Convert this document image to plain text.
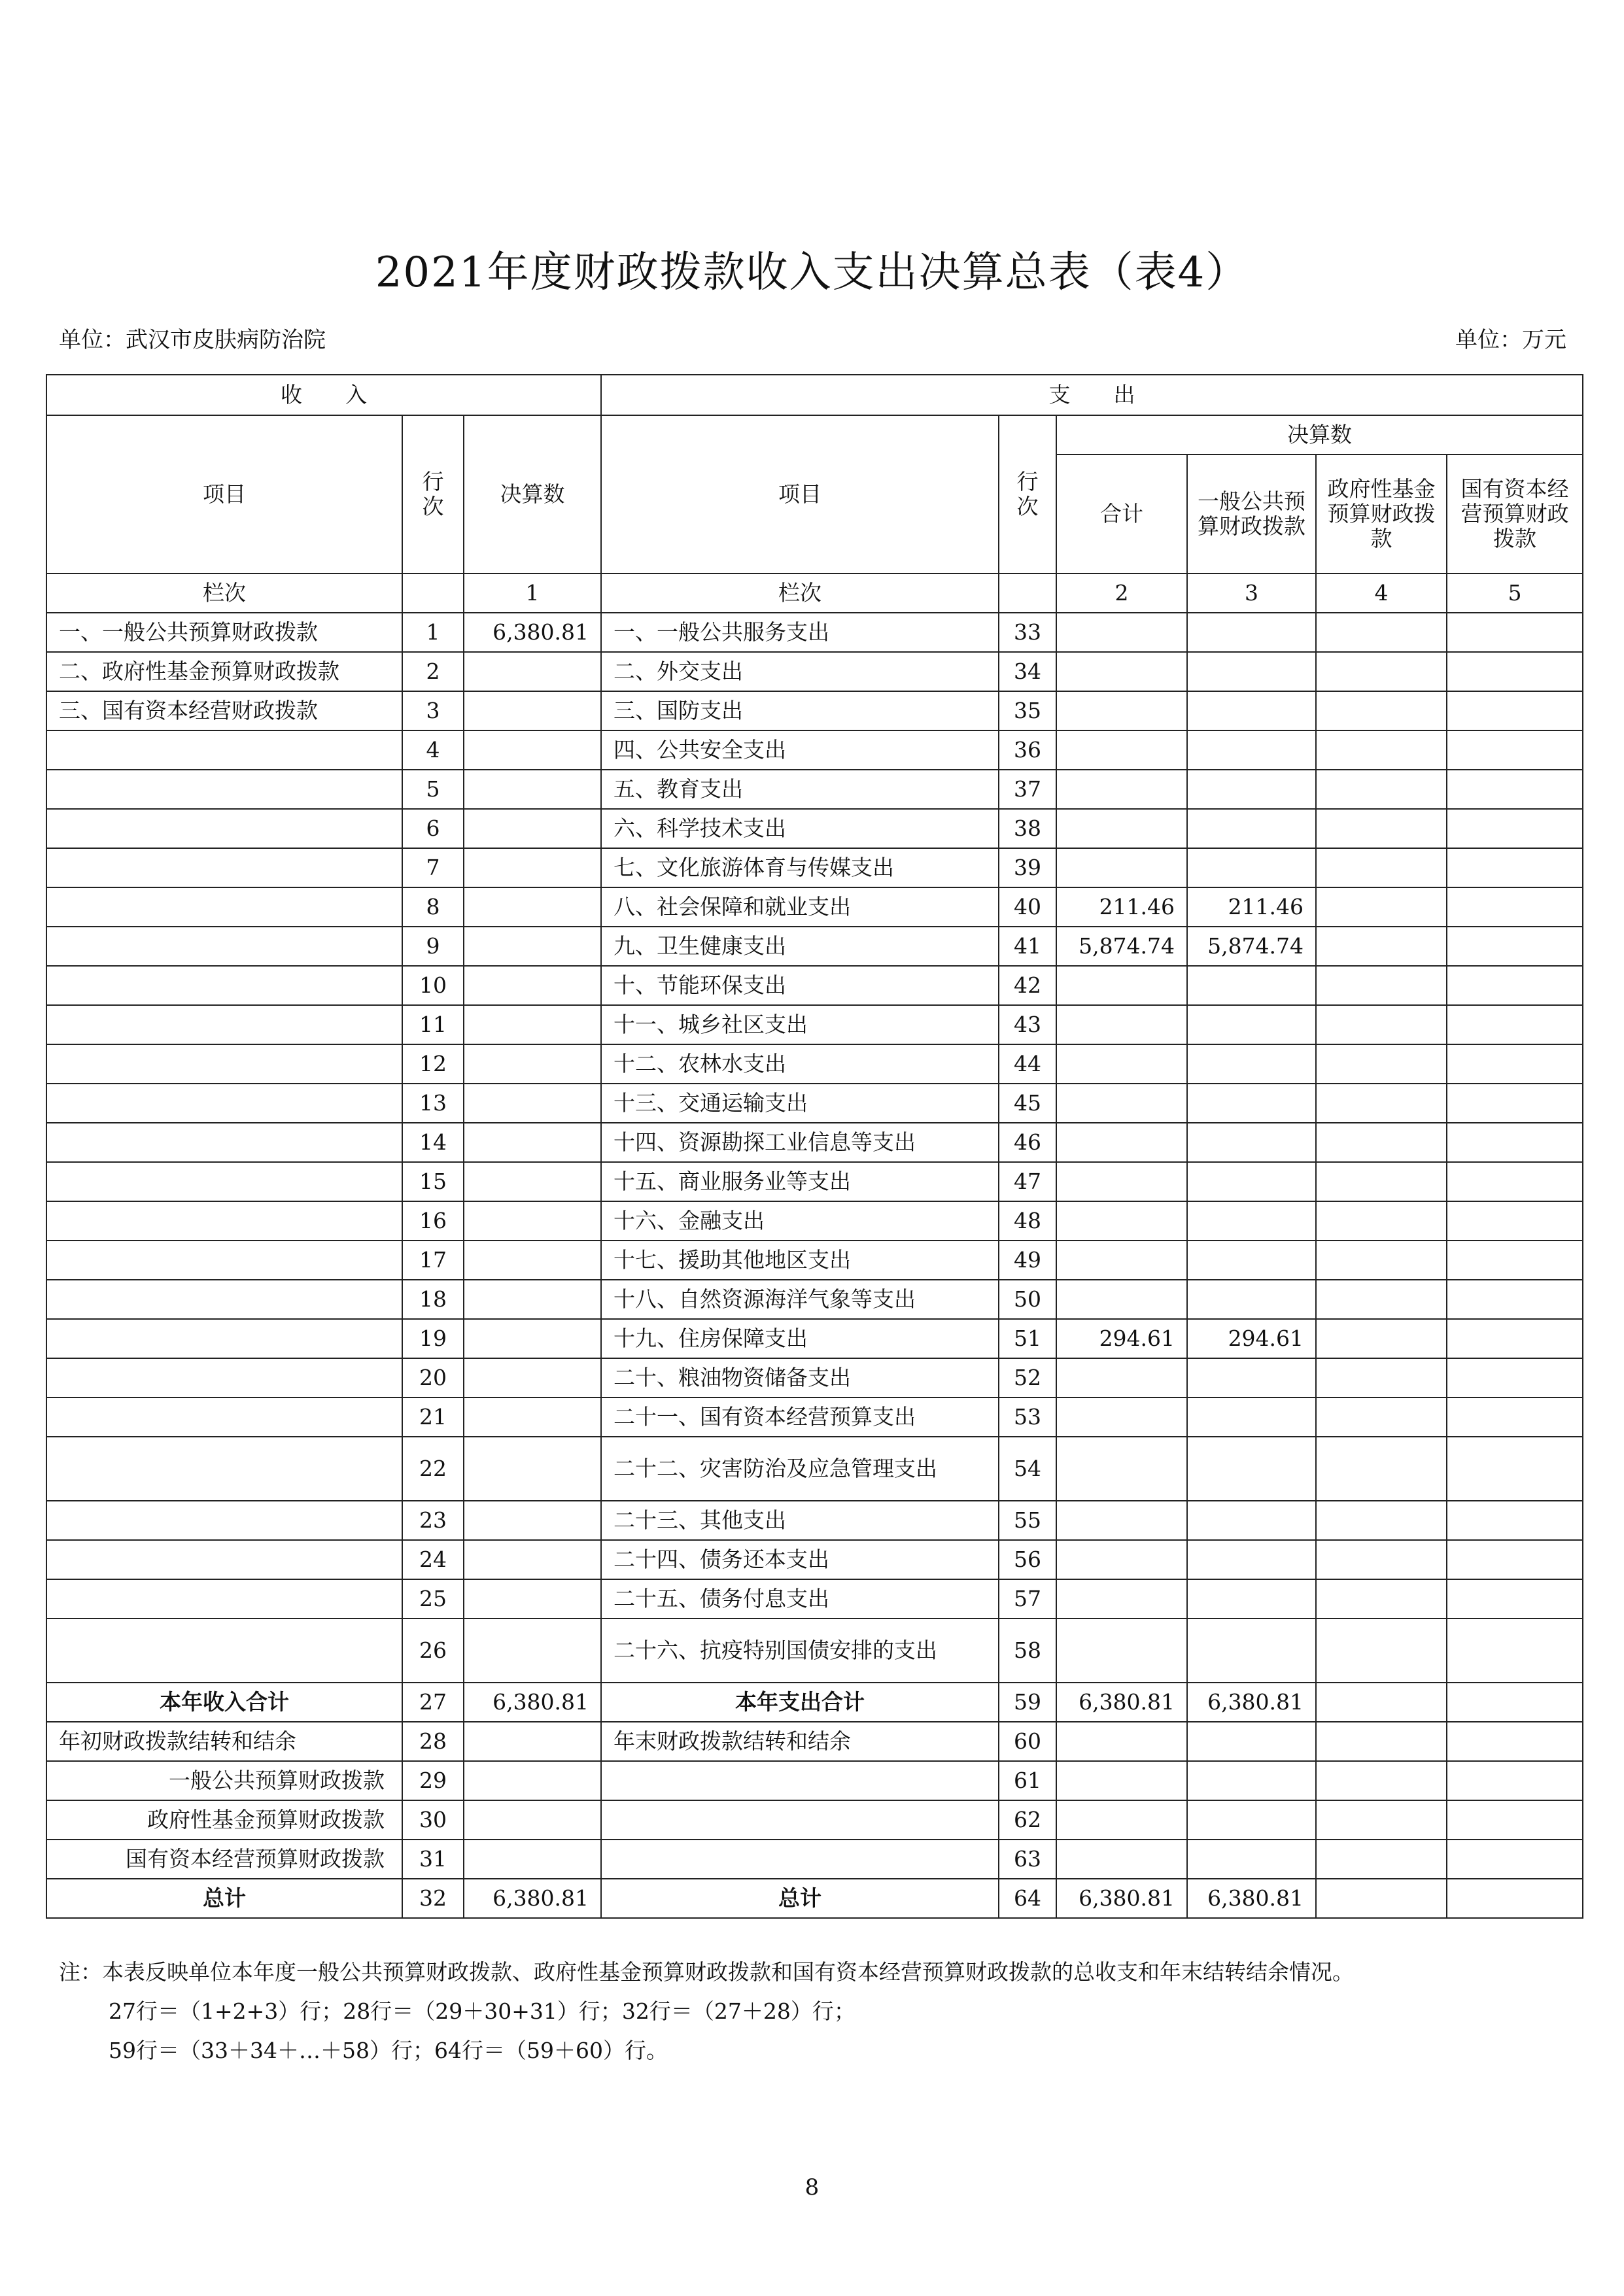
2021年度财政拨款收入支出决算总表（表4）
单位：武汉市皮肤病防治院	单位：万元
收　　入			支　　出					
项目	行次	决算数	项目	行次	决算数			
					合计	一般公共预算财政拨款	政府性基金预算财政拨款	国有资本经营预算财政拨款
栏次		1	栏次		2	3	4	5
一、一般公共预算财政拨款	1	6,380.81	一、一般公共服务支出	33				
二、政府性基金预算财政拨款	2		二、外交支出	34				
三、国有资本经营财政拨款	3		三、国防支出	35				
	4		四、公共安全支出	36				
	5		五、教育支出	37				
	6		六、科学技术支出	38				
	7		七、文化旅游体育与传媒支出	39				
	8		八、社会保障和就业支出	40	211.46	211.46		
	9		九、卫生健康支出	41	5,874.74	5,874.74		
	10		十、节能环保支出	42				
	11		十一、城乡社区支出	43				
	12		十二、农林水支出	44				
	13		十三、交通运输支出	45				
	14		十四、资源勘探工业信息等支出	46				
	15		十五、商业服务业等支出	47				
	16		十六、金融支出	48				
	17		十七、援助其他地区支出	49				
	18		十八、自然资源海洋气象等支出	50				
	19		十九、住房保障支出	51	294.61	294.61		
	20		二十、粮油物资储备支出	52				
	21		二十一、国有资本经营预算支出	53				
	22		二十二、灾害防治及应急管理支出	54				
	23		二十三、其他支出	55				
	24		二十四、债务还本支出	56				
	25		二十五、债务付息支出	57				
	26		二十六、抗疫特别国债安排的支出	58				
本年收入合计	27	6,380.81	本年支出合计	59	6,380.81	6,380.81		
年初财政拨款结转和结余	28		年末财政拨款结转和结余	60				
一般公共预算财政拨款	29			61				
政府性基金预算财政拨款	30			62				
国有资本经营预算财政拨款	31			63				
总计	32	6,380.81	总计	64	6,380.81	6,380.81		
注：本表反映单位本年度一般公共预算财政拨款、政府性基金预算财政拨款和国有资本经营预算财政拨款的总收支和年末结转结余情况。
27行＝（1+2+3）行；28行＝（29＋30+31）行；32行＝（27＋28）行；
59行＝（33＋34＋…＋58）行；64行＝（59＋60）行。
8
